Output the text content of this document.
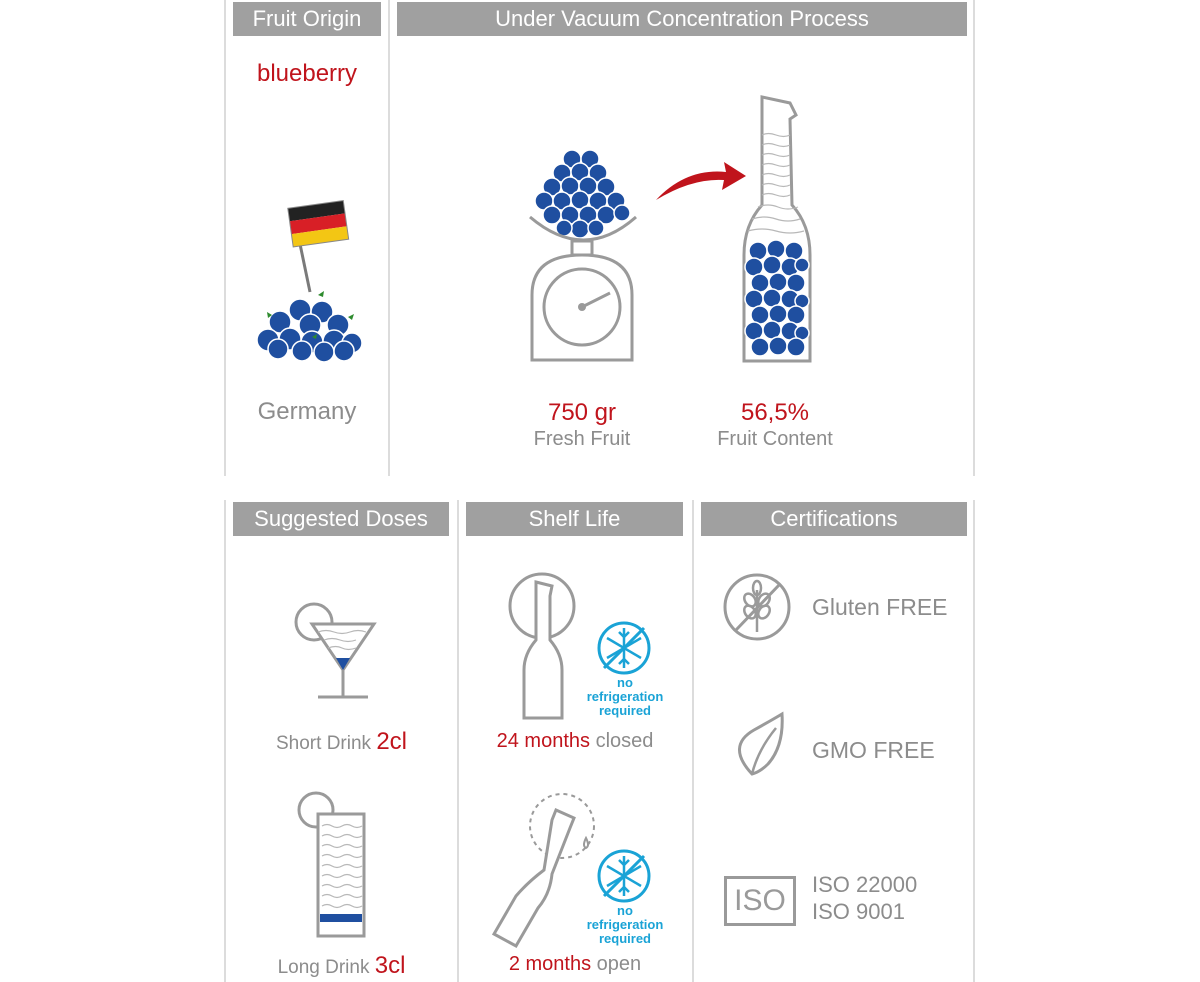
Fruit Origin
blueberry
Germany
Under Vacuum Concentration Process
750 gr
Fresh Fruit
56,5%
Fruit Content
Suggested Doses
Short Drink 2cl
Long Drink 3cl
Shelf Life
no
refrigeration
required
24 months closed
no
refrigeration
required
2 months open
Certifications
Gluten FREE
GMO FREE
ISO	ISO 22000
ISO 9001
